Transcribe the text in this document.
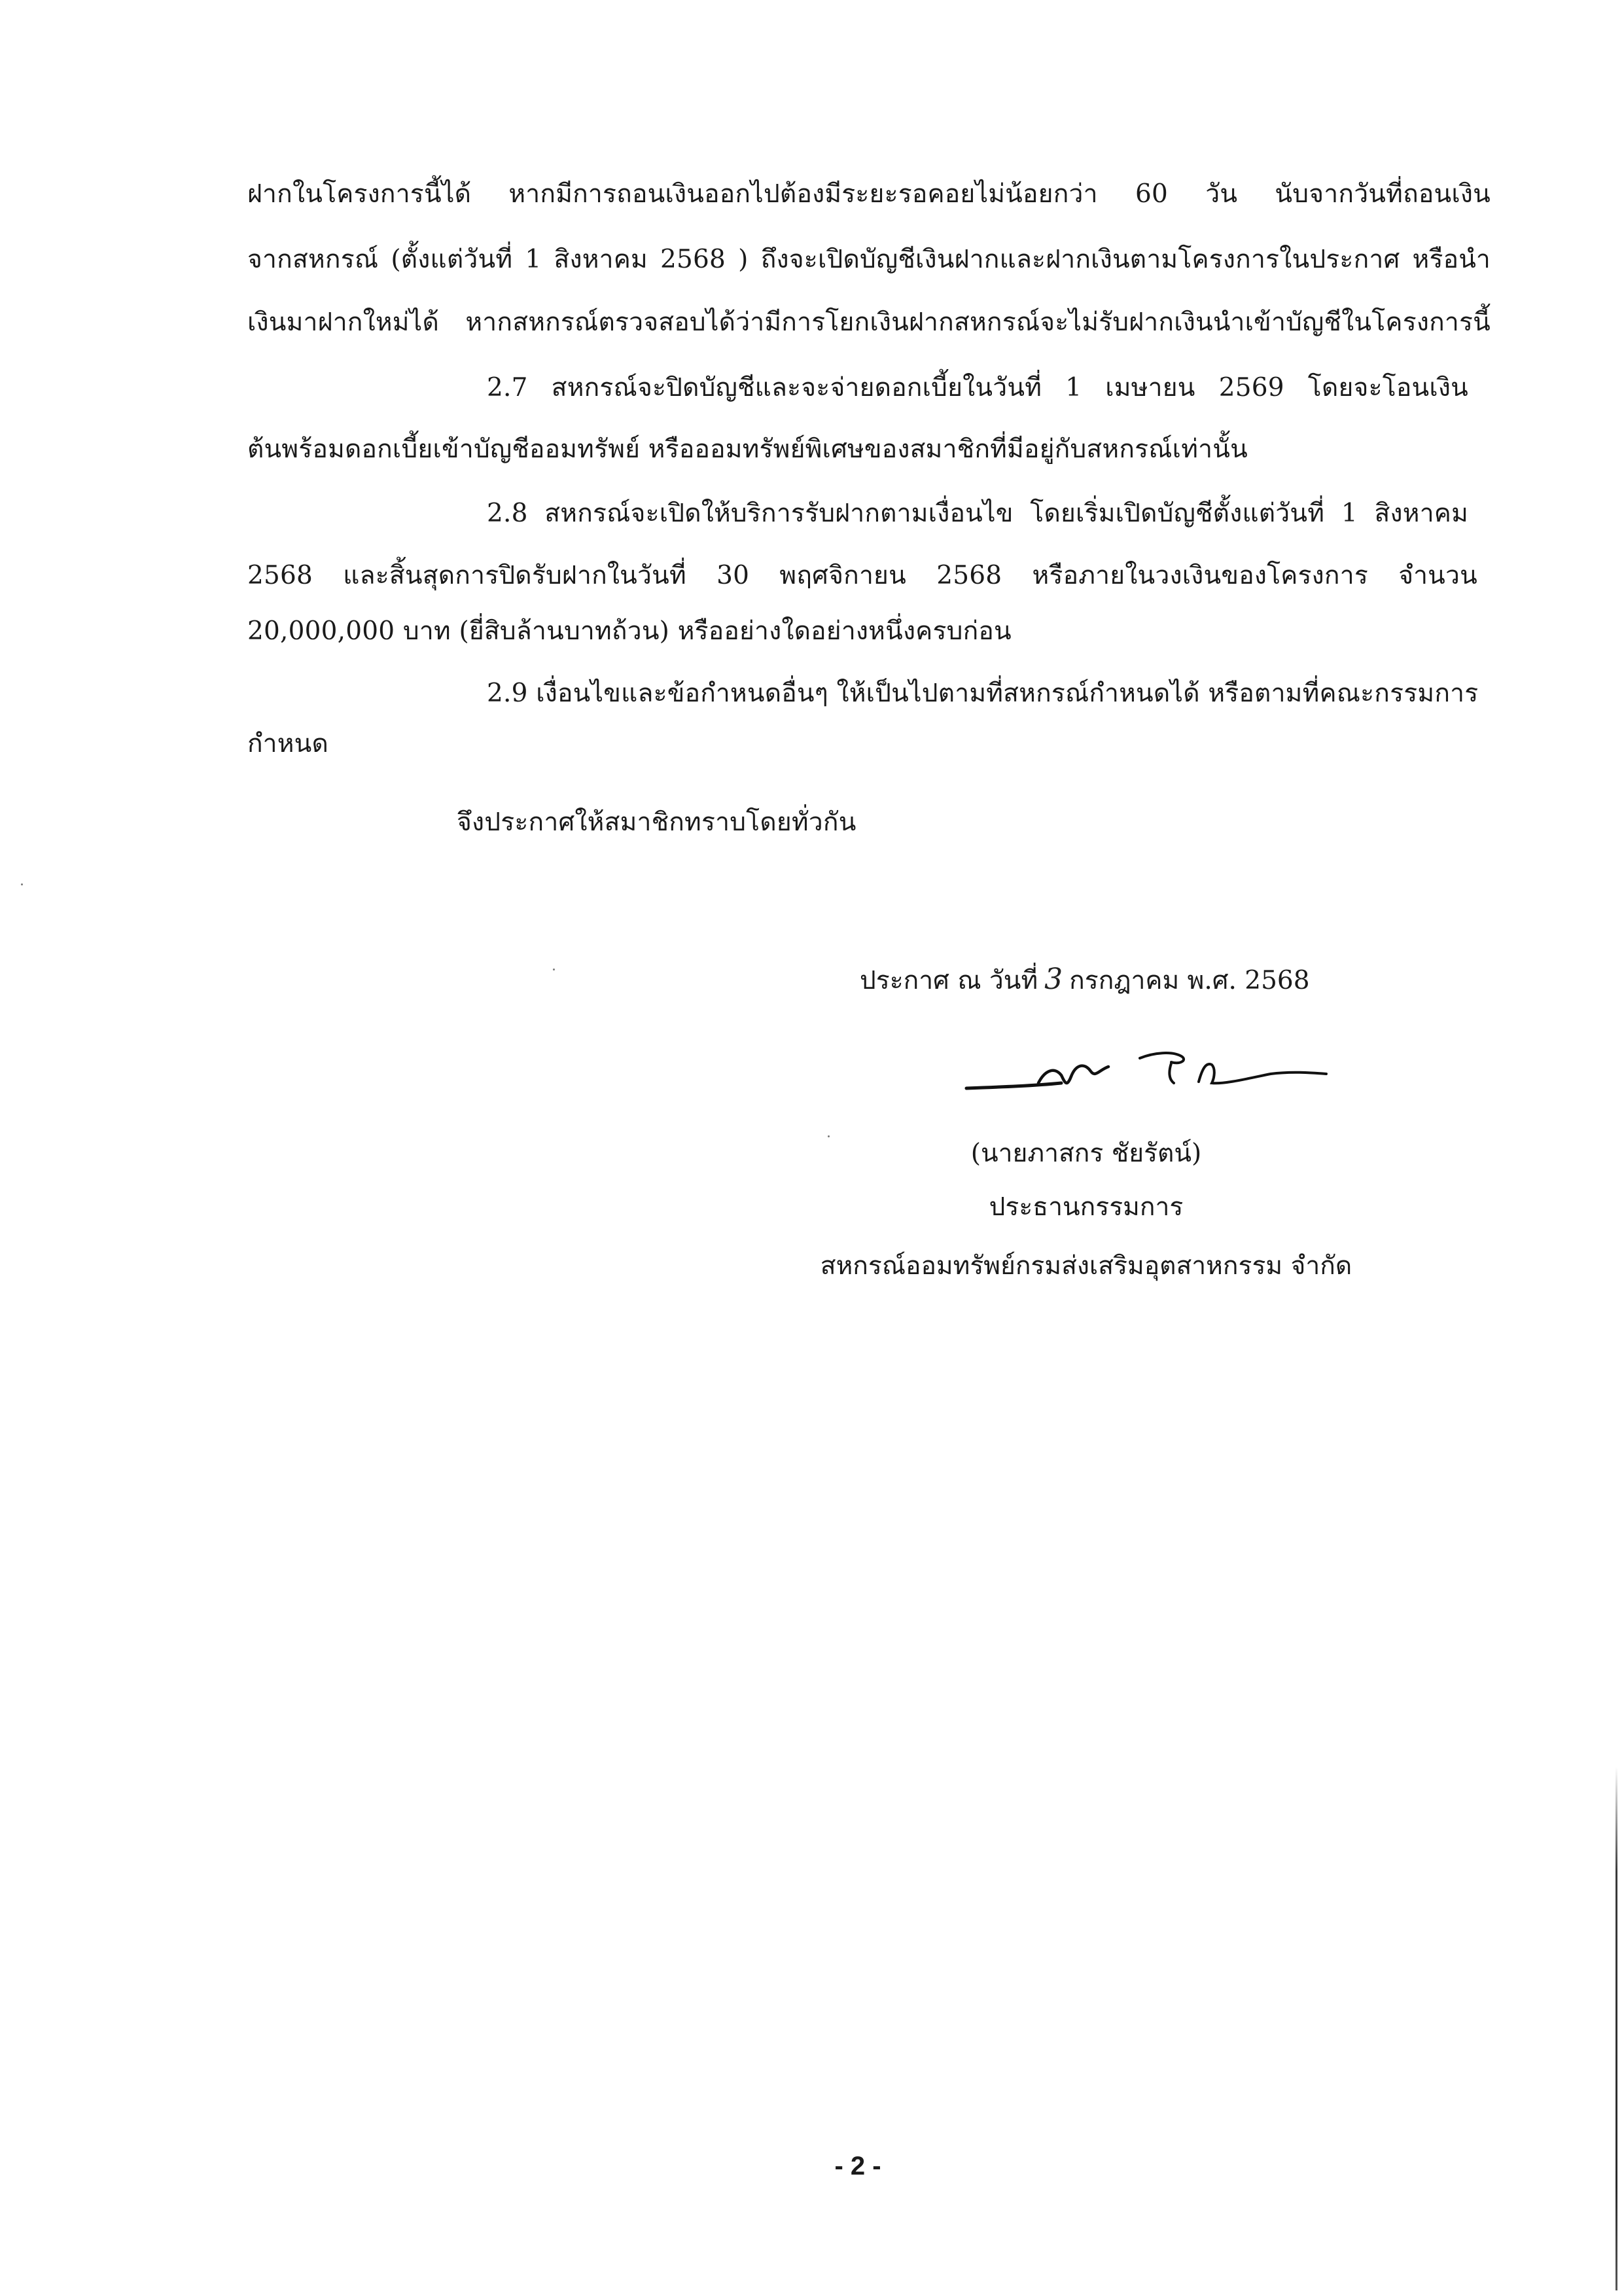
ฝากในโครงการนี้ได้ หากมีการถอนเงินออกไปต้องมีระยะรอคอยไม่น้อยกว่า 60 วัน นับจากวันที่ถอนเงิน
จากสหกรณ์ (ตั้งแต่วันที่ 1 สิงหาคม 2568 ) ถึงจะเปิดบัญชีเงินฝากและฝากเงินตามโครงการในประกาศ หรือนำ
เงินมาฝากใหม่ได้ หากสหกรณ์ตรวจสอบได้ว่ามีการโยกเงินฝากสหกรณ์จะไม่รับฝากเงินนำเข้าบัญชีในโครงการนี้
2.7 สหกรณ์จะปิดบัญชีและจะจ่ายดอกเบี้ยในวันที่ 1 เมษายน 2569 โดยจะโอนเงิน
ต้นพร้อมดอกเบี้ยเข้าบัญชีออมทรัพย์ หรือออมทรัพย์พิเศษของสมาชิกที่มีอยู่กับสหกรณ์เท่านั้น
2.8 สหกรณ์จะเปิดให้บริการรับฝากตามเงื่อนไข โดยเริ่มเปิดบัญชีตั้งแต่วันที่ 1 สิงหาคม
2568 และสิ้นสุดการปิดรับฝากในวันที่ 30 พฤศจิกายน 2568 หรือภายในวงเงินของโครงการ จำนวน
20,000,000 บาท (ยี่สิบล้านบาทถ้วน) หรืออย่างใดอย่างหนึ่งครบก่อน
2.9 เงื่อนไขและข้อกำหนดอื่นๆ ให้เป็นไปตามที่สหกรณ์กำหนดได้ หรือตามที่คณะกรรมการ
กำหนด
จึงประกาศให้สมาชิกทราบโดยทั่วกัน
ประกาศ ณ วันที่ 3 กรกฎาคม พ.ศ. 2568
(นายภาสกร ชัยรัตน์)
ประธานกรรมการ
สหกรณ์ออมทรัพย์กรมส่งเสริมอุตสาหกรรม จำกัด
- 2 -
